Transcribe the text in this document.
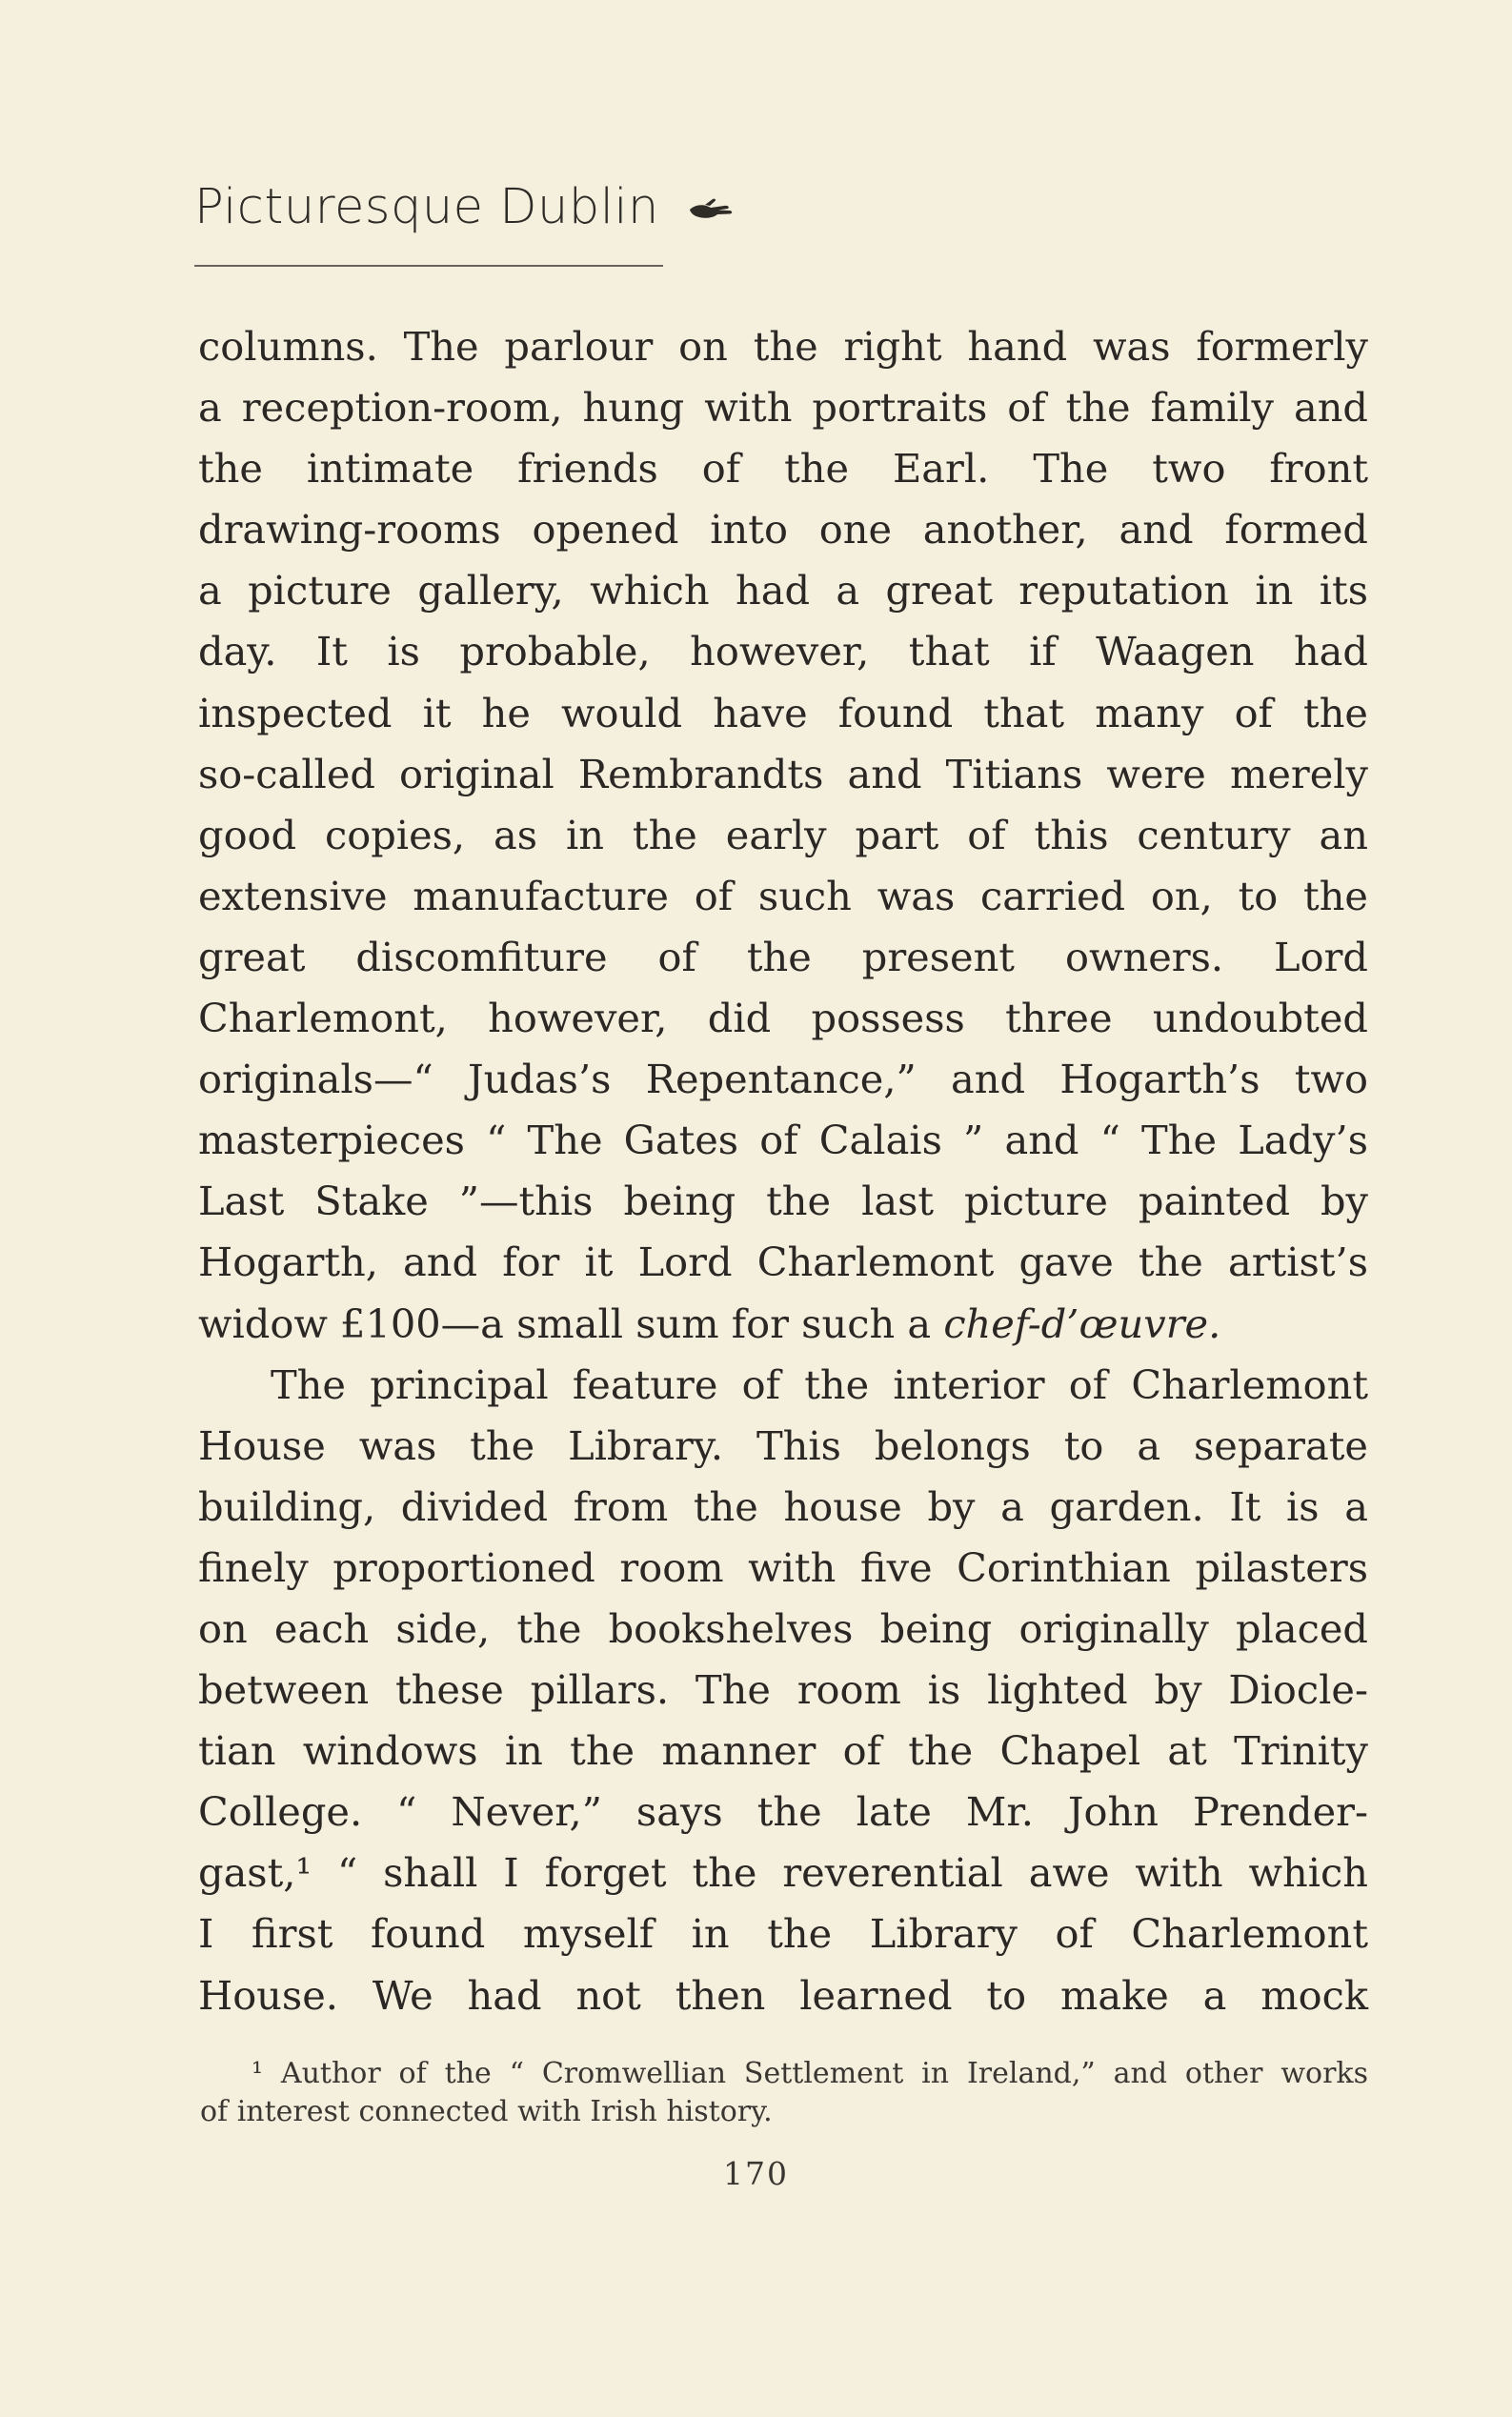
Picturesque Dublin
columns. The parlour on the right hand was formerly
a reception-room, hung with portraits of the family and
the intimate friends of the Earl. The two front
drawing-rooms opened into one another, and formed
a picture gallery, which had a great reputation in its
day. It is probable, however, that if Waagen had
inspected it he would have found that many of the
so-called original Rembrandts and Titians were merely
good copies, as in the early part of this century an
extensive manufacture of such was carried on, to the
great discomfiture of the present owners. Lord
Charlemont, however, did possess three undoubted
originals—“ Judas’s Repentance,” and Hogarth’s two
masterpieces “ The Gates of Calais ” and “ The Lady’s
Last Stake ”—this being the last picture painted by
Hogarth, and for it Lord Charlemont gave the artist’s
widow £100—a small sum for such a chef-d’œuvre.
The principal feature of the interior of Charlemont
House was the Library. This belongs to a separate
building, divided from the house by a garden. It is a
finely proportioned room with five Corinthian pilasters
on each side, the bookshelves being originally placed
between these pillars. The room is lighted by Diocle-
tian windows in the manner of the Chapel at Trinity
College. “ Never,” says the late Mr. John Prender-
gast,¹ “ shall I forget the reverential awe with which
I first found myself in the Library of Charlemont
House. We had not then learned to make a mock
¹ Author of the “ Cromwellian Settlement in Ireland,” and other works
of interest connected with Irish history.
170
